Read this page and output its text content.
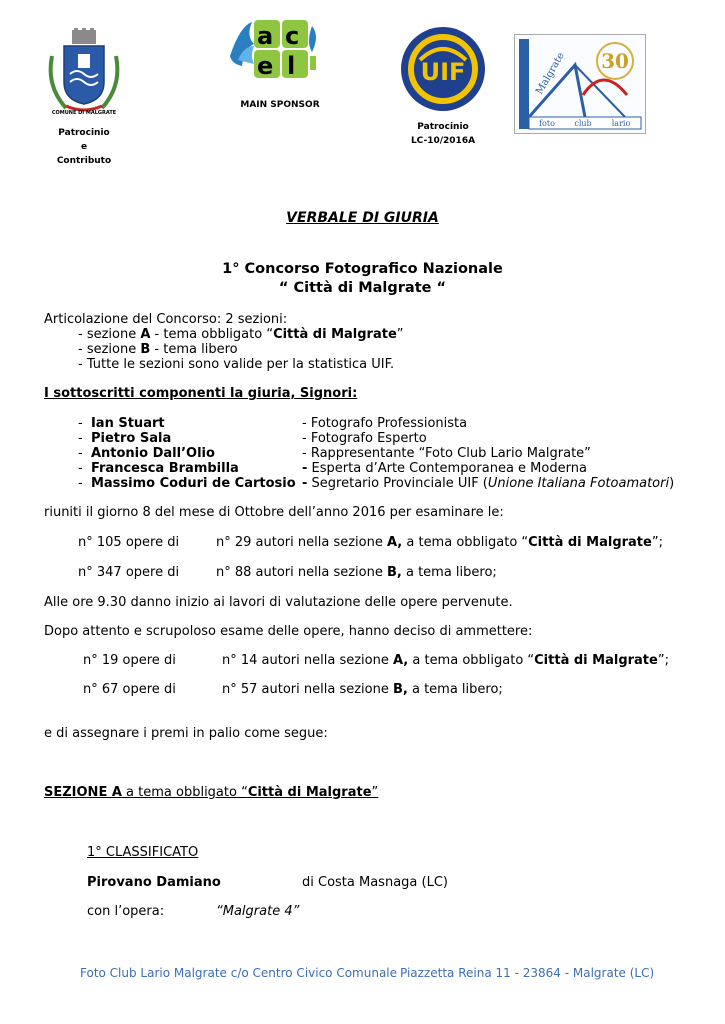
COMUNE DI MALGRATE
Patrocinio
e
Contributo
a c
e l
MAIN SPONSOR
UIF
Patrocinio
LC-10/2016A
Malgrate 30
foto club	lario
VERBALE DI GIURIA
1° Concorso Fotografico Nazionale
“ Città di Malgrate “
Articolazione del Concorso: 2 sezioni:
- sezione A - tema obbligato “Città di Malgrate”
- sezione B - tema libero
- Tutte le sezioni sono valide per la statistica UIF.
I sottoscritti componenti la giuria, Signori:
- Ian Stuart	- Fotografo Professionista
- Pietro Sala	- Fotografo Esperto
- Antonio Dall’Olio	- Rappresentante “Foto Club Lario Malgrate”
- Francesca Brambilla	- Esperta d’Arte Contemporanea e Moderna
- Massimo Coduri de Cartosio - Segretario Provinciale UIF (Unione Italiana Fotoamatori)
riuniti il giorno 8 del mese di Ottobre dell’anno 2016 per esaminare le:
n° 105 opere di	n° 29 autori nella sezione A, a tema obbligato “Città di Malgrate”;
n° 347 opere di	n° 88 autori nella sezione B, a tema libero;
Alle ore 9.30 danno inizio ai lavori di valutazione delle opere pervenute.
Dopo attento e scrupoloso esame delle opere, hanno deciso di ammettere:
n° 19 opere di	n° 14 autori nella sezione A, a tema obbligato “Città di Malgrate”;
n° 67 opere di	n° 57 autori nella sezione B, a tema libero;
e di assegnare i premi in palio come segue:
SEZIONE A a tema obbligato “Città di Malgrate”
1° CLASSIFICATO
Pirovano Damiano	di Costa Masnaga (LC)
con l’opera:	“Malgrate 4”
Foto Club Lario Malgrate c/o Centro Civico Comunale Piazzetta Reina 11 - 23864 - Malgrate (LC)
